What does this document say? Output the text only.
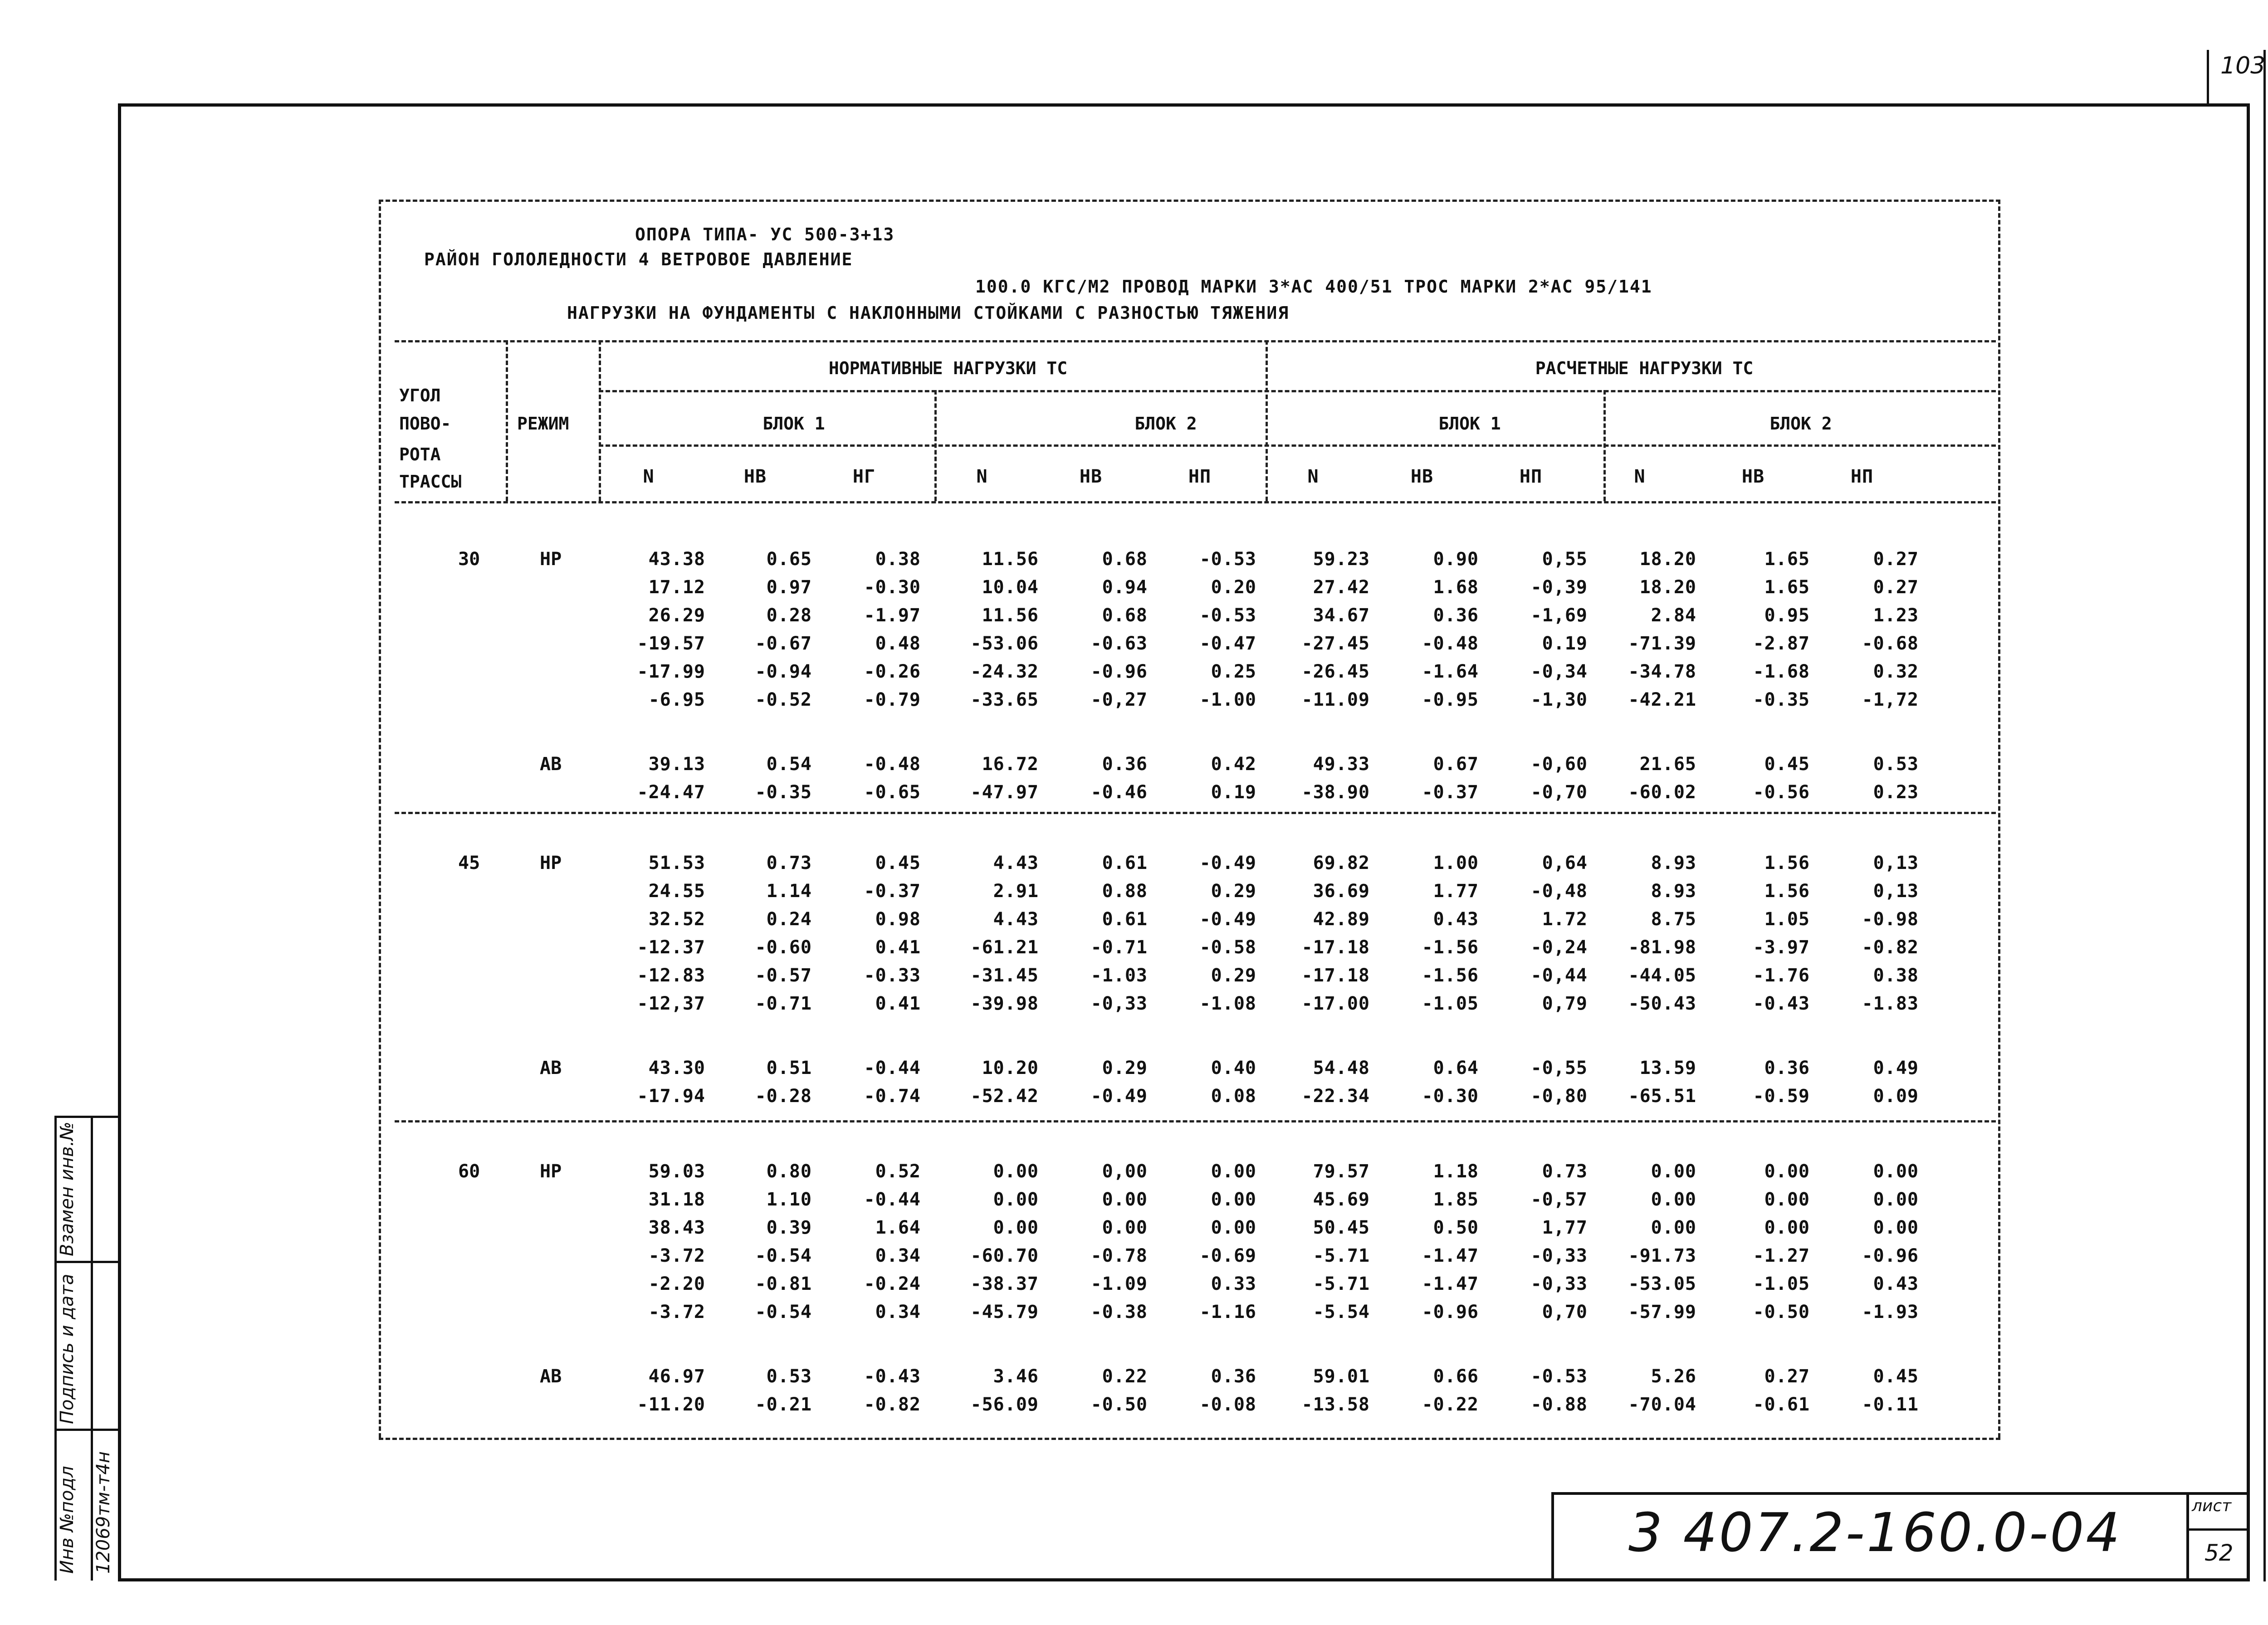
103
ОПОРА ТИПА- УС 500-3+13
РАЙОН ГОЛОЛЕДНОСТИ 4 ВЕТРОВОЕ ДАВЛЕНИЕ
100.0 КГС/М2 ПРОВОД МАРКИ 3*АС 400/51 ТРОС МАРКИ 2*АС 95/141
НАГРУЗКИ НА ФУНДАМЕНТЫ С НАКЛОННЫМИ СТОЙКАМИ С РАЗНОСТЬЮ ТЯЖЕНИЯ
УГОЛ
ПОВО-
РОТА
ТРАССЫ
РЕЖИМ
НОРМАТИВНЫЕ НАГРУЗКИ ТС	РАСЧЕТНЫЕ НАГРУЗКИ ТС
БЛОК 1	БЛОК 2	БЛОК 1	БЛОК 2
N	НВ	НГ	N	НВ	НП	N	НВ	НП	N	НВ	НП
30	НР	43.38	0.65	0.38	11.56	0.68	-0.53	59.23	0.90	0,55	18.20	1.65	0.27
17.12	0.97	-0.30	10.04	0.94	0.20	27.42	1.68	-0,39	18.20	1.65	0.27
26.29	0.28	-1.97	11.56	0.68	-0.53	34.67	0.36	-1,69	2.84	0.95	1.23
-19.57	-0.67	0.48	-53.06	-0.63	-0.47	-27.45	-0.48	0.19	-71.39	-2.87	-0.68
-17.99	-0.94	-0.26	-24.32	-0.96	0.25	-26.45	-1.64	-0,34	-34.78	-1.68	0.32
-6.95	-0.52	-0.79	-33.65	-0,27	-1.00	-11.09	-0.95	-1,30	-42.21	-0.35	-1,72
АВ	39.13	0.54	-0.48	16.72	0.36	0.42	49.33	0.67	-0,60	21.65	0.45	0.53
-24.47	-0.35	-0.65	-47.97	-0.46	0.19	-38.90	-0.37	-0,70	-60.02	-0.56	0.23
45	НР	51.53	0.73	0.45	4.43	0.61	-0.49	69.82	1.00	0,64	8.93	1.56	0,13
24.55	1.14	-0.37	2.91	0.88	0.29	36.69	1.77	-0,48	8.93	1.56	0,13
32.52	0.24	0.98	4.43	0.61	-0.49	42.89	0.43	1.72	8.75	1.05	-0.98
-12.37	-0.60	0.41	-61.21	-0.71	-0.58	-17.18	-1.56	-0,24	-81.98	-3.97	-0.82
-12.83	-0.57	-0.33	-31.45	-1.03	0.29	-17.18	-1.56	-0,44	-44.05	-1.76	0.38
-12,37	-0.71	0.41	-39.98	-0,33	-1.08	-17.00	-1.05	0,79	-50.43	-0.43	-1.83
АВ	43.30	0.51	-0.44	10.20	0.29	0.40	54.48	0.64	-0,55	13.59	0.36	0.49
-17.94	-0.28	-0.74	-52.42	-0.49	0.08	-22.34	-0.30	-0,80	-65.51	-0.59	0.09
60	НР	59.03	0.80	0.52	0.00	0,00	0.00	79.57	1.18	0.73	0.00	0.00	0.00
31.18	1.10	-0.44	0.00	0.00	0.00	45.69	1.85	-0,57	0.00	0.00	0.00
38.43	0.39	1.64	0.00	0.00	0.00	50.45	0.50	1,77	0.00	0.00	0.00
-3.72	-0.54	0.34	-60.70	-0.78	-0.69	-5.71	-1.47	-0,33	-91.73	-1.27	-0.96
-2.20	-0.81	-0.24	-38.37	-1.09	0.33	-5.71	-1.47	-0,33	-53.05	-1.05	0.43
-3.72	-0.54	0.34	-45.79	-0.38	-1.16	-5.54	-0.96	0,70	-57.99	-0.50	-1.93
АВ	46.97	0.53	-0.43	3.46	0.22	0.36	59.01	0.66	-0.53	5.26	0.27	0.45
-11.20	-0.21	-0.82	-56.09	-0.50	-0.08	-13.58	-0.22	-0.88	-70.04	-0.61	-0.11
3 407.2-160.0-04	лист
52
Взамен инв.№
Подпись и дата
Инв №подл 12069тм-т4н
